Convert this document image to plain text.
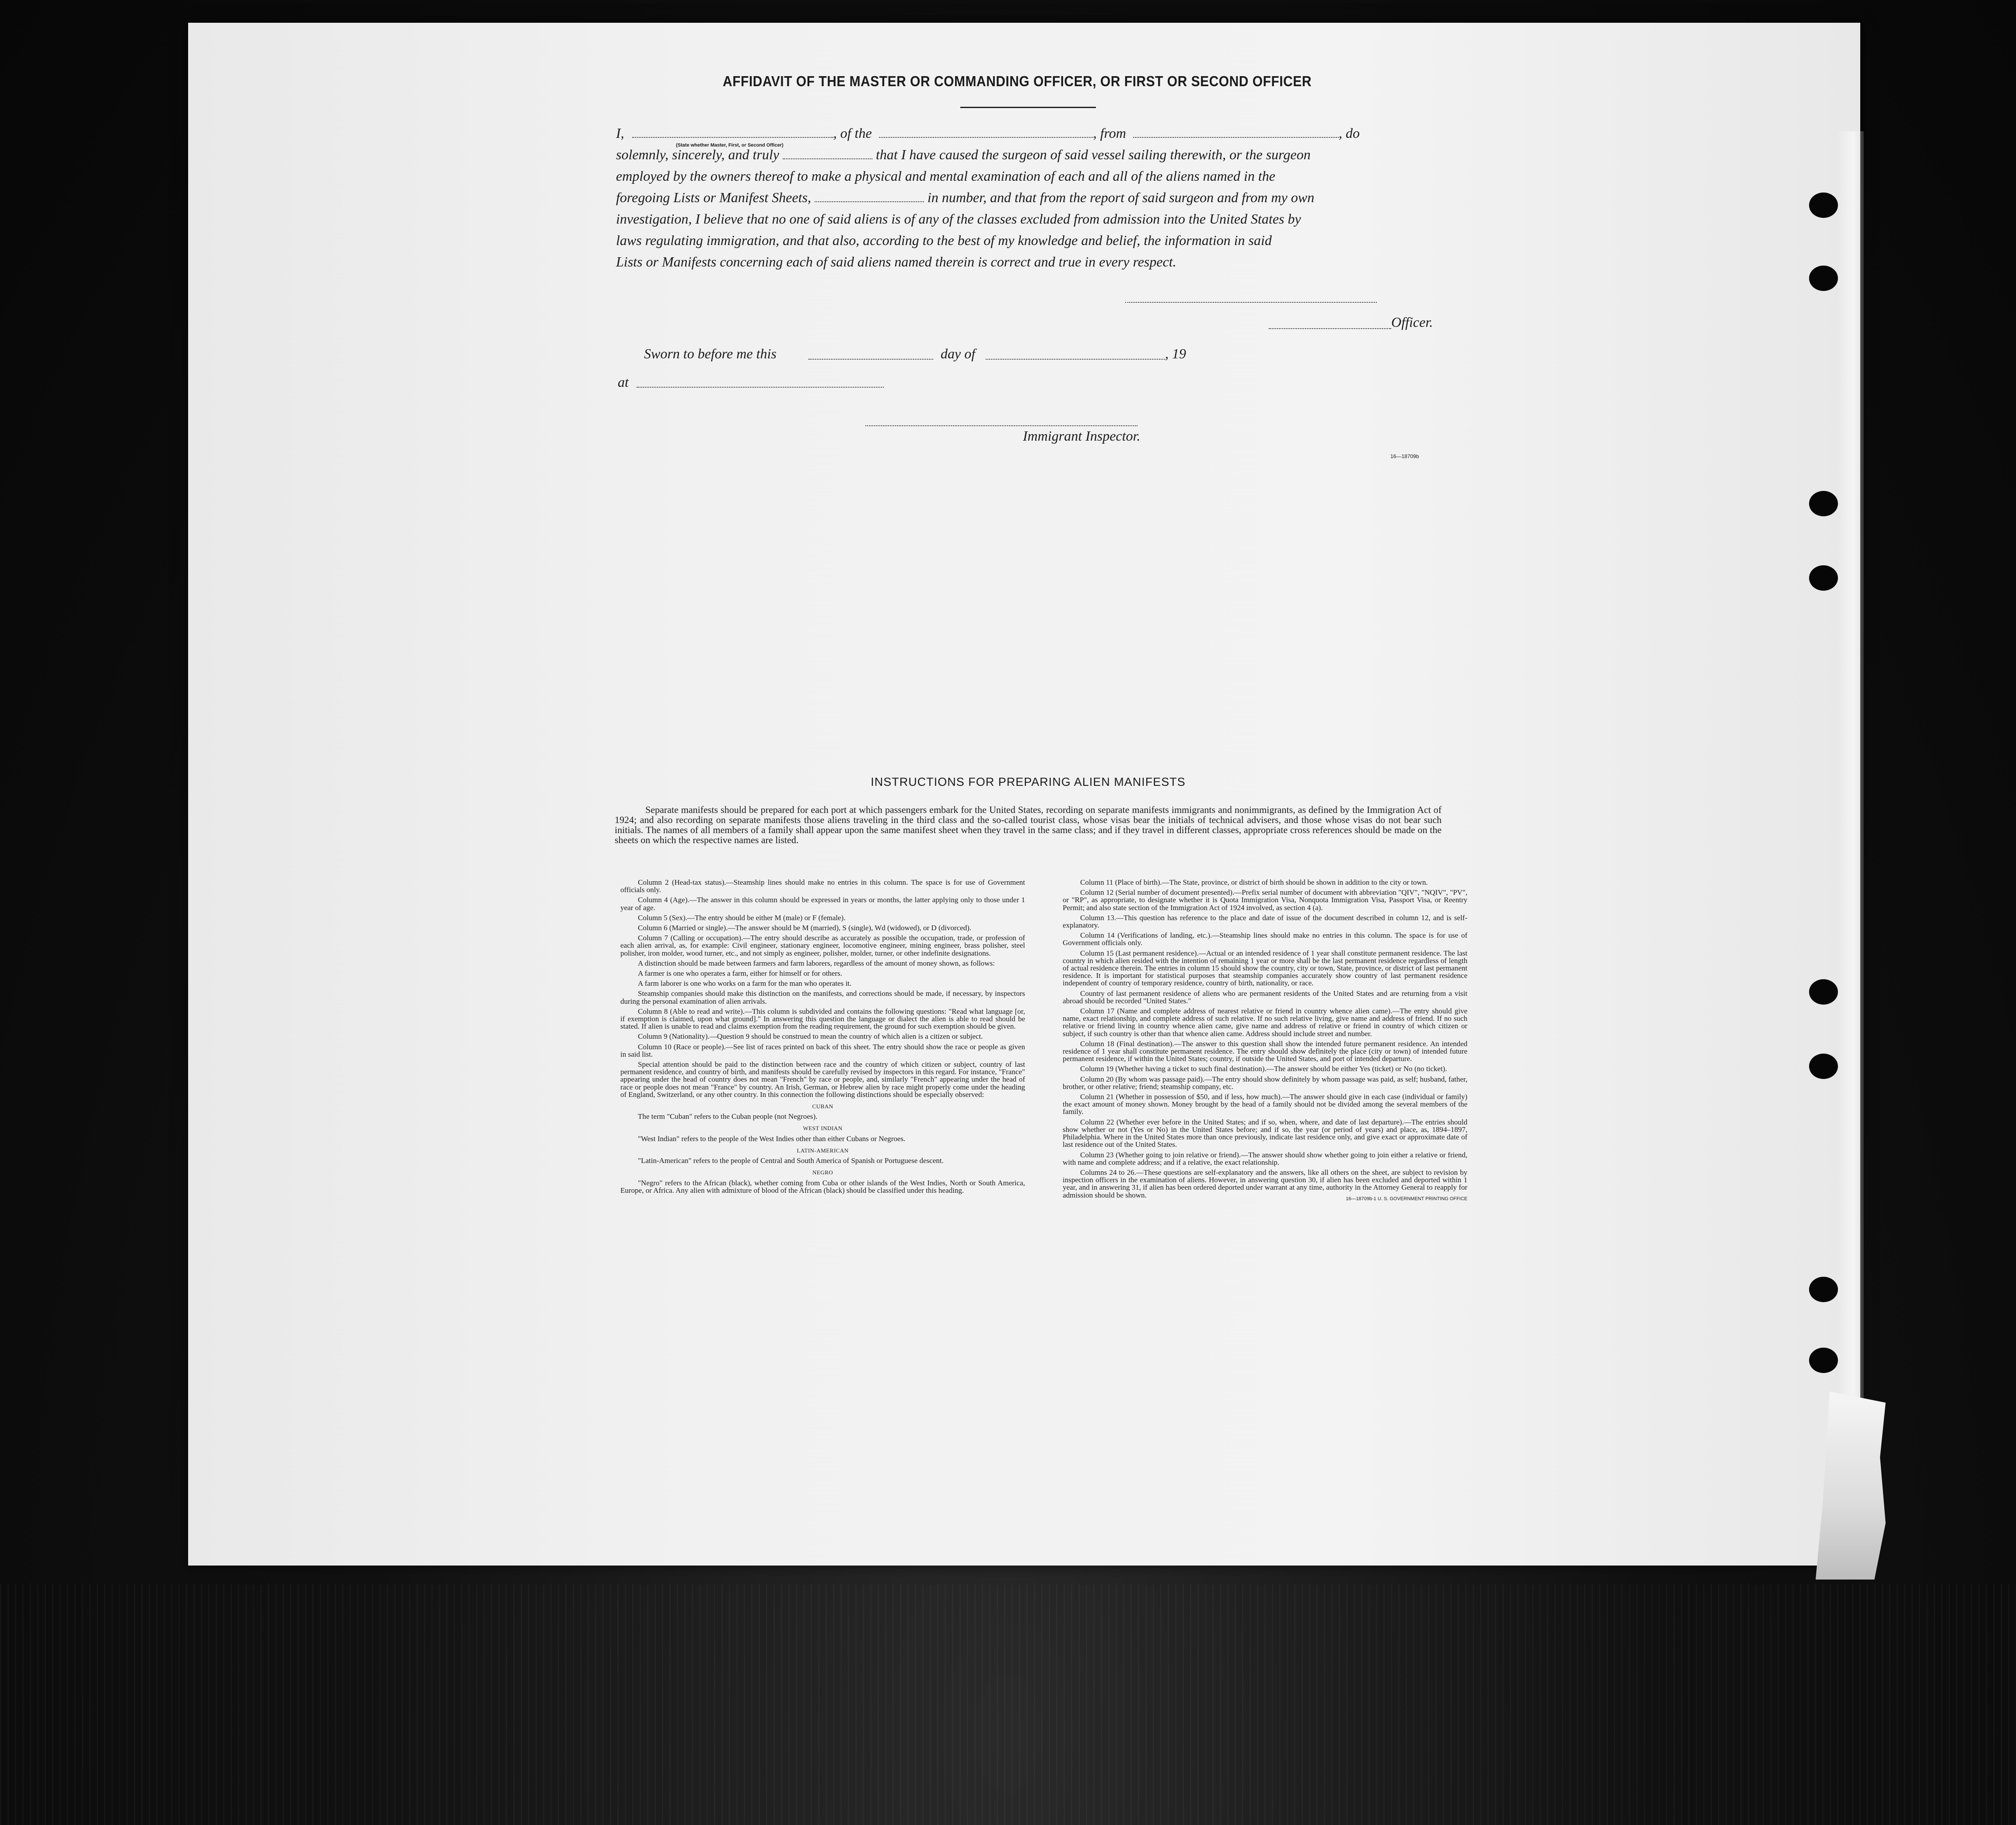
AFFIDAVIT OF THE MASTER OR COMMANDING OFFICER, OR FIRST OR SECOND OFFICER
I,	, of the	, from	, do
(State whether Master, First, or Second Officer)
solemnly, sincerely, and truly	that I have caused the surgeon of said vessel sailing therewith, or the surgeon
employed by the owners thereof to make a physical and mental examination of each and all of the aliens named in the
foregoing Lists or Manifest Sheets,	in number, and that from the report of said surgeon and from my own
investigation, I believe that no one of said aliens is of any of the classes excluded from admission into the United States by
laws regulating immigration, and that also, according to the best of my knowledge and belief, the information in said
Lists or Manifests concerning each of said aliens named therein is correct and true in every respect.
Officer.
Sworn to before me this	day of	, 19
at
Immigrant Inspector.
16—18709b
INSTRUCTIONS FOR PREPARING ALIEN MANIFESTS
Separate manifests should be prepared for each port at which passengers embark for the United States, recording on separate manifests immigrants and nonimmigrants, as defined by the Immigration Act of 1924; and also recording on separate manifests those aliens traveling in the third class and the so-called tourist class, whose visas bear the initials of technical advisers, and those whose visas do not bear such initials. The names of all members of a family shall appear upon the same manifest sheet when they travel in the same class; and if they travel in different classes, appropriate cross references should be made on the sheets on which the respective names are listed.

Column 2 (Head-tax status).—Steamship lines should make no entries in this column. The space is for use of Government officials only.

Column 4 (Age).—The answer in this column should be expressed in years or months, the latter applying only to those under 1 year of age.

Column 5 (Sex).—The entry should be either M (male) or F (female).

Column 6 (Married or single).—The answer should be M (married), S (single), Wd (widowed), or D (divorced).

Column 7 (Calling or occupation).—The entry should describe as accurately as possible the occupation, trade, or profession of each alien arrival, as, for example: Civil engineer, stationary engineer, locomotive engineer, mining engineer, brass polisher, steel polisher, iron molder, wood turner, etc., and not simply as engineer, polisher, molder, turner, or other indefinite designations.

A distinction should be made between farmers and farm laborers, regardless of the amount of money shown, as follows:

A farmer is one who operates a farm, either for himself or for others.

A farm laborer is one who works on a farm for the man who operates it.

Steamship companies should make this distinction on the manifests, and corrections should be made, if necessary, by inspectors during the personal examination of alien arrivals.

Column 8 (Able to read and write).—This column is subdivided and contains the following questions: "Read what language [or, if exemption is claimed, upon what ground]." In answering this question the language or dialect the alien is able to read should be stated. If alien is unable to read and claims exemption from the reading requirement, the ground for such exemption should be given.

Column 9 (Nationality).—Question 9 should be construed to mean the country of which alien is a citizen or subject.

Column 10 (Race or people).—See list of races printed on back of this sheet. The entry should show the race or people as given in said list.

Special attention should be paid to the distinction between race and the country of which citizen or subject, country of last permanent residence, and country of birth, and manifests should be carefully revised by inspectors in this regard. For instance, "France" appearing under the head of country does not mean "French" by race or people, and, similarly "French" appearing under the head of race or people does not mean "France" by country. An Irish, German, or Hebrew alien by race might properly come under the heading of England, Switzerland, or any other country. In this connection the following distinctions should be especially observed:

CUBAN

The term "Cuban" refers to the Cuban people (not Negroes).

WEST INDIAN

"West Indian" refers to the people of the West Indies other than either Cubans or Negroes.

LATIN-AMERICAN

"Latin-American" refers to the people of Central and South America of Spanish or Portuguese descent.

NEGRO

"Negro" refers to the African (black), whether coming from Cuba or other islands of the West Indies, North or South America, Europe, or Africa. Any alien with admixture of blood of the African (black) should be classified under this heading.

Column 11 (Place of birth).—The State, province, or district of birth should be shown in addition to the city or town.

Column 12 (Serial number of document presented).—Prefix serial number of document with abbreviation "QIV", "NQIV", "PV", or "RP", as appropriate, to designate whether it is Quota Immigration Visa, Nonquota Immigration Visa, Passport Visa, or Reentry Permit; and also state section of the Immigration Act of 1924 involved, as section 4 (a).

Column 13.—This question has reference to the place and date of issue of the document described in column 12, and is self-explanatory.

Column 14 (Verifications of landing, etc.).—Steamship lines should make no entries in this column. The space is for use of Government officials only.

Column 15 (Last permanent residence).—Actual or an intended residence of 1 year shall constitute permanent residence. The last country in which alien resided with the intention of remaining 1 year or more shall be the last permanent residence regardless of length of actual residence therein. The entries in column 15 should show the country, city or town, State, province, or district of last permanent residence. It is important for statistical purposes that steamship companies accurately show country of last permanent residence independent of country of temporary residence, country of birth, nationality, or race.

Country of last permanent residence of aliens who are permanent residents of the United States and are returning from a visit abroad should be recorded "United States."

Column 17 (Name and complete address of nearest relative or friend in country whence alien came).—The entry should give name, exact relationship, and complete address of such relative. If no such relative living, give name and address of friend. If no such relative or friend living in country whence alien came, give name and address of relative or friend in country of which citizen or subject, if such country is other than that whence alien came. Address should include street and number.

Column 18 (Final destination).—The answer to this question shall show the intended future permanent residence. An intended residence of 1 year shall constitute permanent residence. The entry should show definitely the place (city or town) of intended future permanent residence, if within the United States; country, if outside the United States, and port of intended departure.

Column 19 (Whether having a ticket to such final destination).—The answer should be either Yes (ticket) or No (no ticket).

Column 20 (By whom was passage paid).—The entry should show definitely by whom passage was paid, as self; husband, father, brother, or other relative; friend; steamship company, etc.

Column 21 (Whether in possession of $50, and if less, how much).—The answer should give in each case (individual or family) the exact amount of money shown. Money brought by the head of a family should not be divided among the several members of the family.

Column 22 (Whether ever before in the United States; and if so, when, where, and date of last departure).—The entries should show whether or not (Yes or No) in the United States before; and if so, the year (or period of years) and place, as, 1894–1897, Philadelphia. Where in the United States more than once previously, indicate last residence only, and give exact or approximate date of last residence out of the United States.

Column 23 (Whether going to join relative or friend).—The answer should show whether going to join either a relative or friend, with name and complete address; and if a relative, the exact relationship.

Columns 24 to 26.—These questions are self-explanatory and the answers, like all others on the sheet, are subject to revision by inspection officers in the examination of aliens. However, in answering question 30, if alien has been excluded and deported within 1 year, and in answering 31, if alien has been ordered deported under warrant at any time, authority in the Attorney General to reapply for admission should be shown.	16—18709b-1 U. S. GOVERNMENT PRINTING OFFICE
